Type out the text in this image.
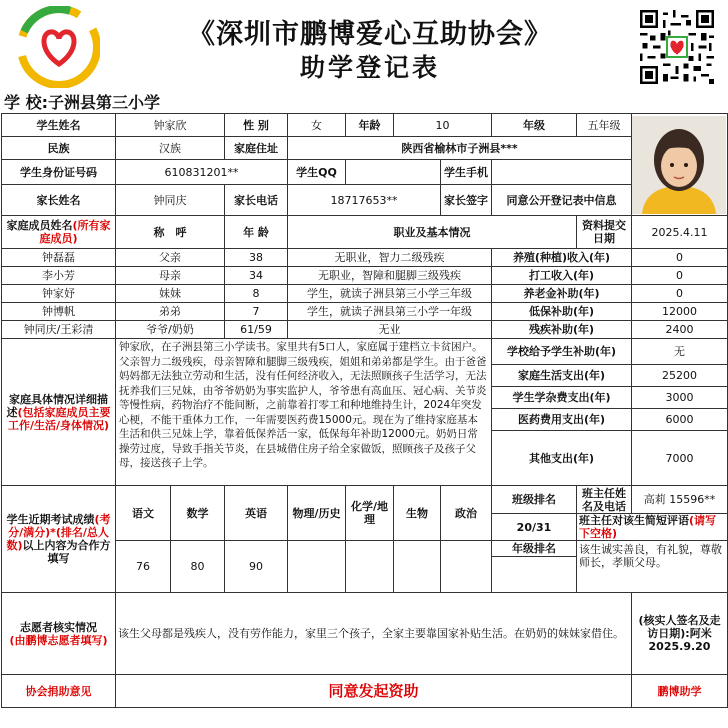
《深圳市鹏博爱心互助协会》
助学登记表
学 校:子洲县第三小学
学生姓名	钟家欣		性 别	女	年龄	10		年级	五年级	

民族	汉族		家庭住址	陕西省榆林市子洲县***						
学生身份证号码	610831201**			学生QQ			学生手机			
家长姓名	钟同庆		家长电话	18717653**			家长签字	同意公开登记表中信息		
家庭成员姓名(所有家庭成员)	称　呼		年 龄	职业及基本情况					资料提交日期	2025.4.11
钟磊磊	父亲		38	无职业，智力二级残疾				养殖(种植)收入(年)		0
李小芳	母亲		34	无职业，智障和腿脚三级残疾				打工收入(年)		0
钟家妤	妹妹		8	学生，就读子洲县第三小学三年级				养老金补助(年)		0
钟博帆	弟弟		7	学生，就读子洲县第三小学一年级				低保补助(年)		12000
钟同庆/王彩清	爷爷/奶奶		61/59	无业				残疾补助(年)		2400
家庭具体情况详细描述(包括家庭成员主要工作/生活/身体情况)	钟家欣，在子洲县第三小学读书。家里共有5口人，家庭属于建档立卡贫困户。父亲智力二级残疾，母亲智障和腿脚三级残疾，姐姐和弟弟都是学生。由于爸爸妈妈都无法独立劳动和生活，没有任何经济收入，无法照顾孩子生活学习，无法抚养我们三兄妹，由爷爷奶奶为事实监护人，爷爷患有高血压、冠心病、关节炎等慢性病，药物治疗不能间断，之前靠着打零工和种地维持生计，2024年突发心梗，不能干重体力工作，一年需要医药费15000元。现在为了维持家庭基本生活和供三兄妹上学，靠着低保养活一家，低保每年补助12000元。奶奶日常操劳过度，导致手指关节炎，在县城借住房子给全家做饭，照顾孩子及孩子父母，接送孩子上学。							学校给予学生补助(年)		无
								家庭生活支出(年)		25200
								学生学杂费支出(年)		3000
								医药费用支出(年)		6000
								其他支出(年)		7000
学生近期考试成绩(考分/满分)*(排名/总人数)以上内容为合作方填写	语文	数学	英语	物理/历史	化学/地理	生物	政治	班级排名	班主任姓名及电话	高莉 15596**
								20/31	班主任对该生简短评语(请写下空格)	
	76	80	90					年级排名	该生诚实善良，有礼貌，尊敬师长，孝顺父母。	

志愿者核实情况
(由鹏博志愿者填写)	该生父母都是残疾人，没有劳作能力，家里三个孩子，全家主要靠国家补贴生活。在奶奶的妹妹家借住。									(核实人签名及走访日期):阿米 2025.9.20
协会捐助意见	同意发起资助									鹏博助学
